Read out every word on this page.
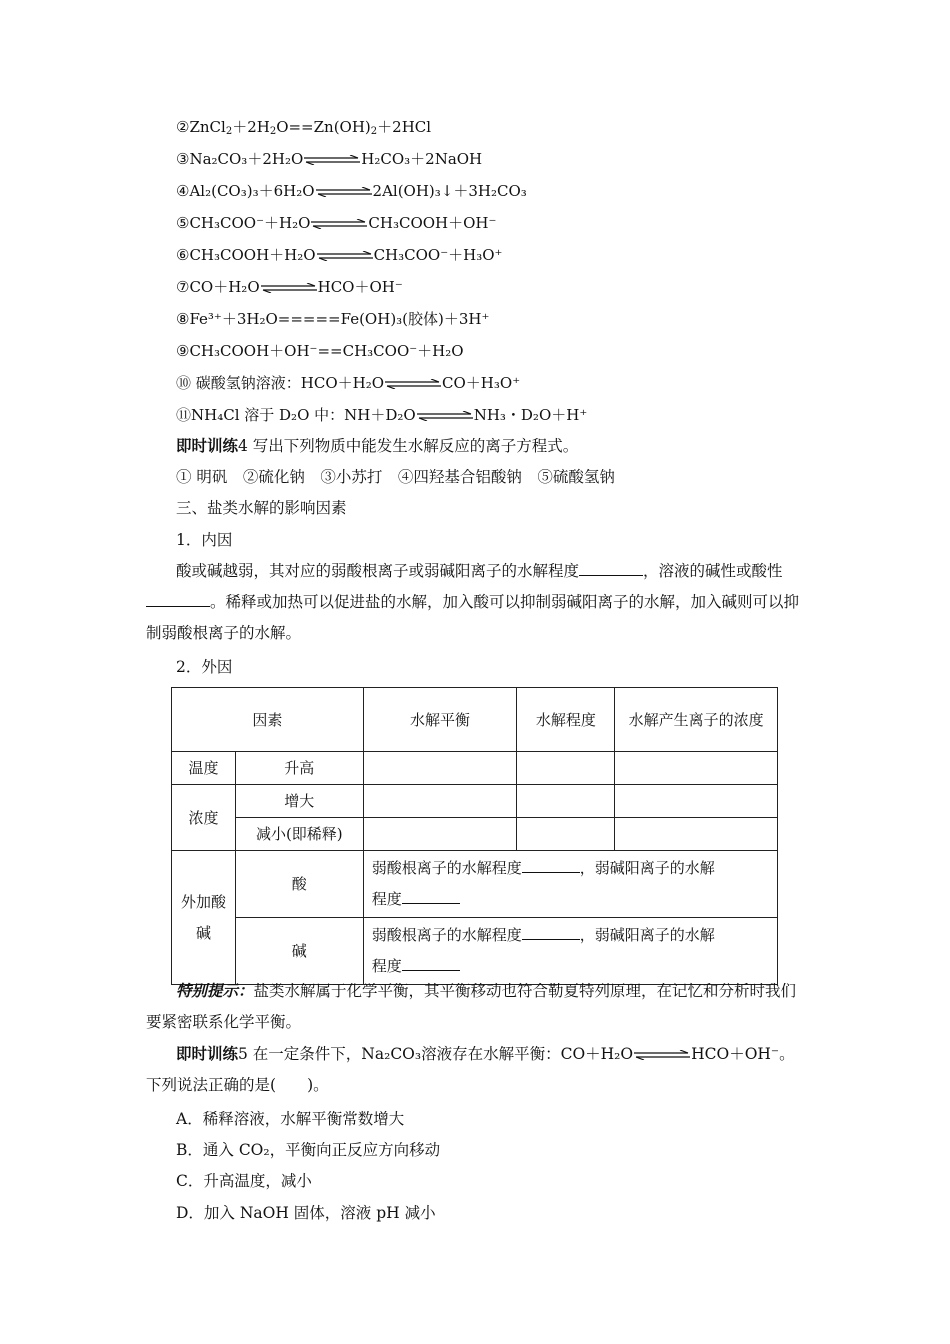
$②ZnCl_2+2H_2O==Zn(OH)_2+2HCl$
③Na₂CO₃＋2H₂O⇌H₂CO₃＋2NaOH
④Al₂(CO₃)₃＋6H₂O⇌2Al(OH)₃↓＋3H₂CO₃
⑤CH₃COO⁻＋H₂O⇌CH₃COOH＋OH⁻
⑥CH₃COOH＋H₂O⇌CH₃COO⁻＋H₃O⁺
⑦CO＋H₂O⇌HCO＋OH⁻
⑧Fe³⁺＋3H₂O=====Fe(OH)₃(胶体)＋3H⁺
⑨CH₃COOH＋OH⁻==CH₃COO⁻＋H₂O
⑩ 碳酸氢钠溶液：HCO＋H₂O⇌CO＋H₃O⁺
⑪NH₄Cl 溶于 D₂O 中：NH＋D₂O⇌NH₃・D₂O＋H⁺
即时训练4 写出下列物质中能发生水解反应的离子方程式。
① 明矾　②硫化钠　③小苏打　④四羟基合铝酸钠　⑤硫酸氢钠
三、盐类水解的影响因素
1．内因
酸或碱越弱，其对应的弱酸根离子或弱碱阳离子的水解程度	，溶液的碱性或酸性。稀释或加热可以促进盐的水解，加入酸可以抑制弱碱阳离子的水解，加入碱则可以抑制弱酸根离子的水解。
2．外因
因素		水解平衡	水解程度	水解产生离子的浓度
温度	升高			
浓度	增大			
	减小(即稀释)			
外加酸碱	酸	弱酸根离子的水解程度 ，弱碱阳离子的水解
程度		
	碱	弱酸根离子的水解程度 ，弱碱阳离子的水解
程度		
特别提示：盐类水解属于化学平衡，其平衡移动也符合勒夏特列原理，在记忆和分析时我们要紧密联系化学平衡。
即时训练5 在一定条件下，Na₂CO₃溶液存在水解平衡：CO＋H₂O⇌HCO＋OH⁻。下列说法正确的是(　　)。
A．稀释溶液，水解平衡常数增大
B．通入 CO₂，平衡向正反应方向移动
C．升高温度，减小
D．加入 NaOH 固体，溶液 pH 减小
